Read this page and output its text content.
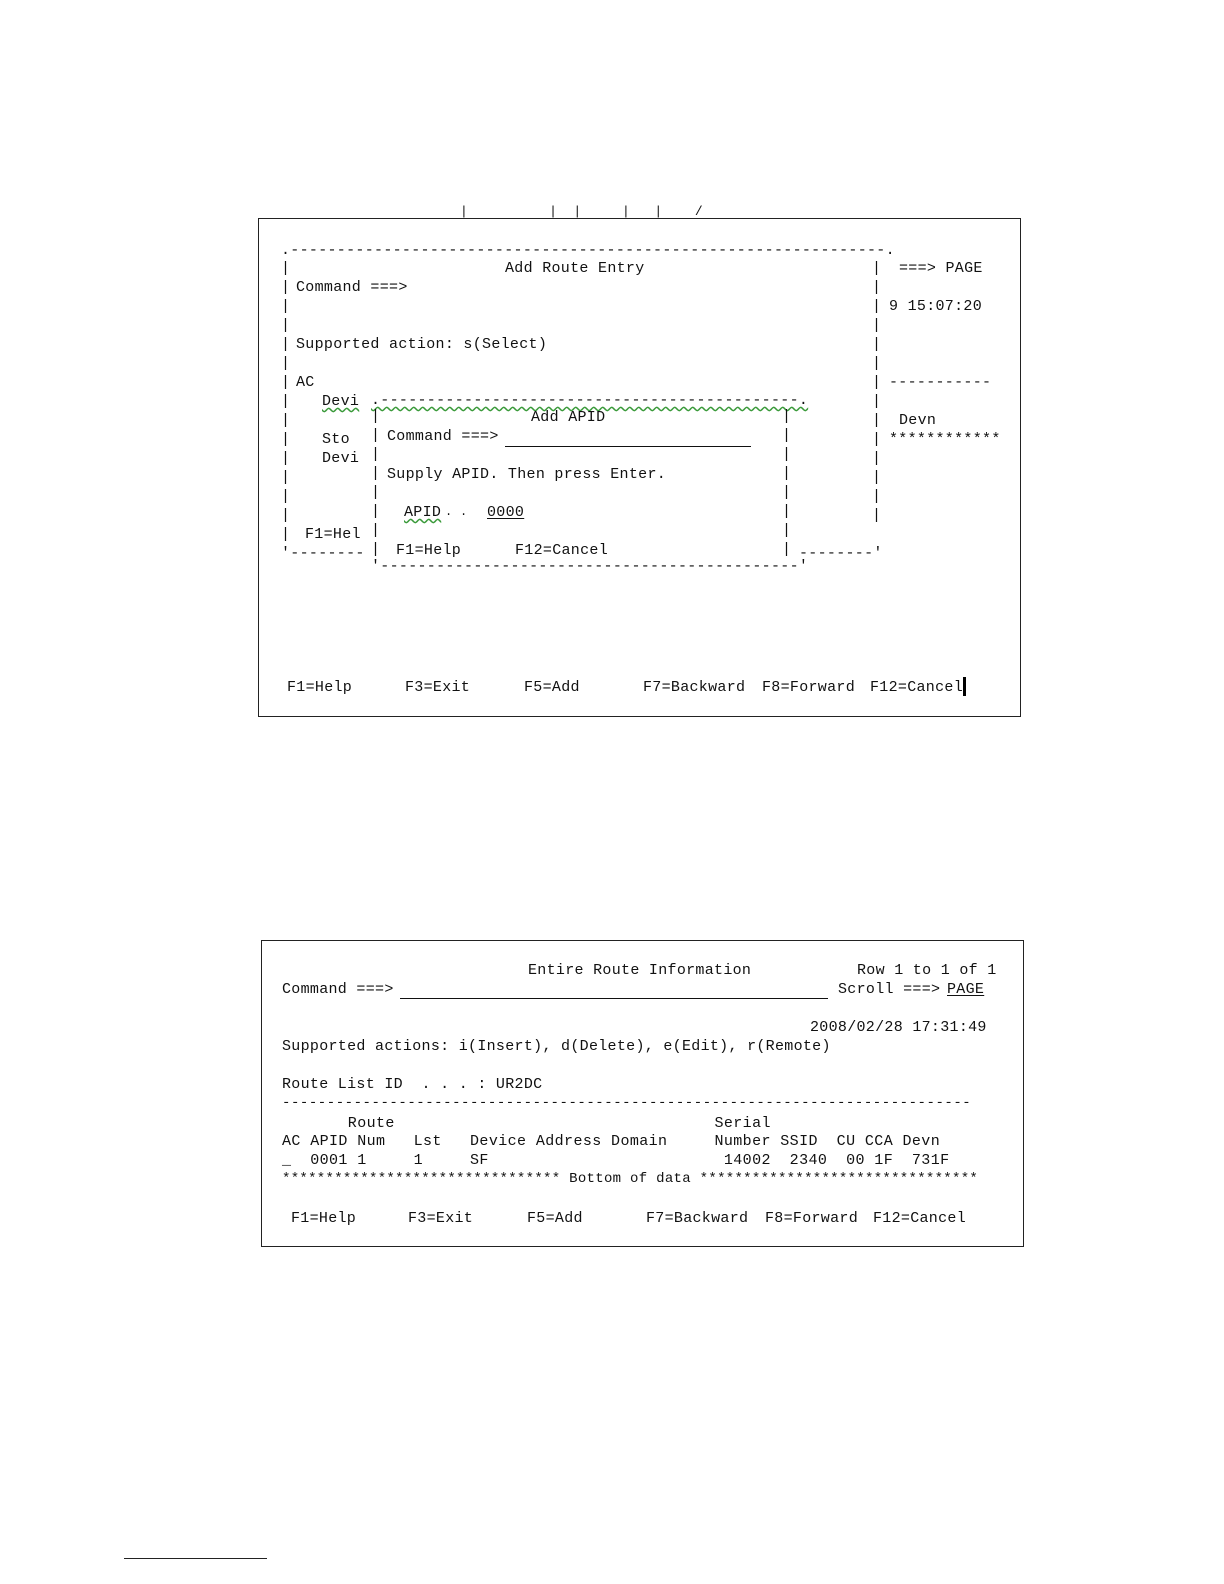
|          |  |     |   |    /
.----------------------------------------------------------------.
|
|
|
|
|
|
|
|
|
|
|
|
|
|
|
|
|
|
|
|
|
|
|
|
|
|
|
|
|
Add Route Entry
Command ===>
Supported action: s(Select)
AC
Devi
Sto
Devi
F1=Hel
'--------	--------'
===> PAGE
9 15:07:20
-----------
Devn
************
.---------------------------------------------.
|
|
|
|
|
|
|
|
|
|
|
|
|
|
|
|
Add APID
Command ===>
Supply APID. Then press Enter.
APID . . 0000
F1=Help	F12=Cancel
'---------------------------------------------'
F1=Help	F3=Exit	F5=Add	F7=Backward F8=Forward F12=Cancel
Entire Route Information	Row 1 to 1 of 1
Command ===>	Scroll ===> PAGE
2008/02/28 17:31:49
Supported actions: i(Insert), d(Delete), e(Edit), r(Remote)
Route List ID  . . . : UR2DC
-----------------------------------------------------------------------------
Route                                  Serial
AC APID Num   Lst   Device Address Domain     Number SSID  CU CCA Devn
_  0001 1     1     SF                         14002  2340  00 1F  731F
******************************** Bottom of data ********************************
F1=Help	F3=Exit	F5=Add	F7=Backward F8=Forward F12=Cancel
